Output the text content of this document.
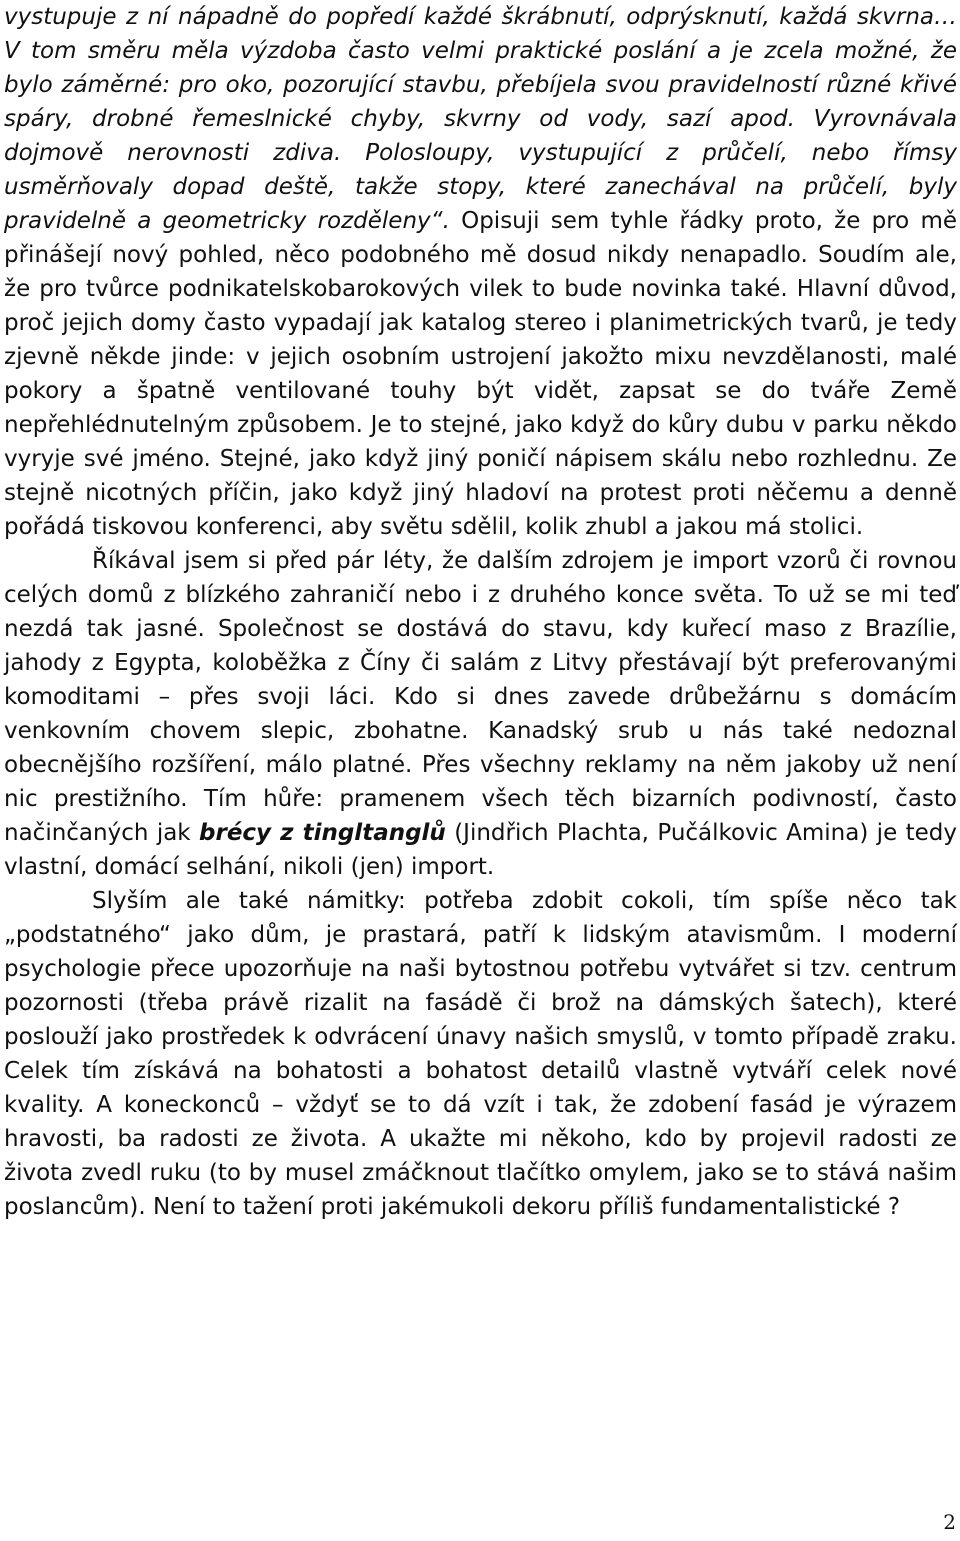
vystupuje z ní nápadně do popředí každé škrábnutí, odprýsknutí, každá skvrna… V tom směru měla výzdoba často velmi praktické poslání a je zcela možné, že bylo záměrné: pro oko, pozorující stavbu, přebíjela svou pravidelností různé křivé spáry, drobné řemeslnické chyby, skvrny od vody, sazí apod. Vyrovnávala dojmově nerovnosti zdiva. Polosloupy, vystupující z průčelí, nebo římsy usměrňovaly dopad deště, takže stopy, které zanechával na průčelí, byly pravidelně a geometricky rozděleny“. Opisuji sem tyhle řádky proto, že pro mě přinášejí nový pohled, něco podobného mě dosud nikdy nenapadlo. Soudím ale, že pro tvůrce podnikatelskobarokových vilek to bude novinka také. Hlavní důvod, proč jejich domy často vypadají jak katalog stereo i planimetrických tvarů, je tedy zjevně někde jinde: v jejich osobním ustrojení jakožto mixu nevzdělanosti, malé pokory a špatně ventilované touhy být vidět, zapsat se do tváře Země nepřehlédnutelným způsobem. Je to stejné, jako když do kůry dubu v parku někdo vyryje své jméno. Stejné, jako když jiný poničí nápisem skálu nebo rozhlednu. Ze stejně nicotných příčin, jako když jiný hladoví na protest proti něčemu a denně pořádá tiskovou konferenci, aby světu sdělil, kolik zhubl a jakou má stolici.

Říkával jsem si před pár léty, že dalším zdrojem je import vzorů či rovnou celých domů z blízkého zahraničí nebo i z druhého konce světa. To už se mi teď nezdá tak jasné. Společnost se dostává do stavu, kdy kuřecí maso z Brazílie, jahody z Egypta, koloběžka z Číny či salám z Litvy přestávají být preferovanými komoditami – přes svoji láci. Kdo si dnes zavede drůbežárnu s domácím venkovním chovem slepic, zbohatne. Kanadský srub u nás také nedoznal obecnějšího rozšíření, málo platné. Přes všechny reklamy na něm jakoby už není nic prestižního. Tím hůře: pramenem všech těch bizarních podivností, často načinčaných jak brécy z tingltanglů (Jindřich Plachta, Pučálkovic Amina) je tedy vlastní, domácí selhání, nikoli (jen) import.

Slyším ale také námitky: potřeba zdobit cokoli, tím spíše něco tak „podstatného“ jako dům, je prastará, patří k lidským atavismům. I moderní psychologie přece upozorňuje na naši bytostnou potřebu vytvářet si tzv. centrum pozornosti (třeba právě rizalit na fasádě či brož na dámských šatech), které poslouží jako prostředek k odvrácení únavy našich smyslů, v tomto případě zraku. Celek tím získává na bohatosti a bohatost detailů vlastně vytváří celek nové kvality. A koneckonců – vždyť se to dá vzít i tak, že zdobení fasád je výrazem hravosti, ba radosti ze života. A ukažte mi někoho, kdo by projevil radosti ze života zvedl ruku (to by musel zmáčknout tlačítko omylem, jako se to stává našim poslancům). Není to tažení proti jakémukoli dekoru příliš fundamentalistické ?

2
